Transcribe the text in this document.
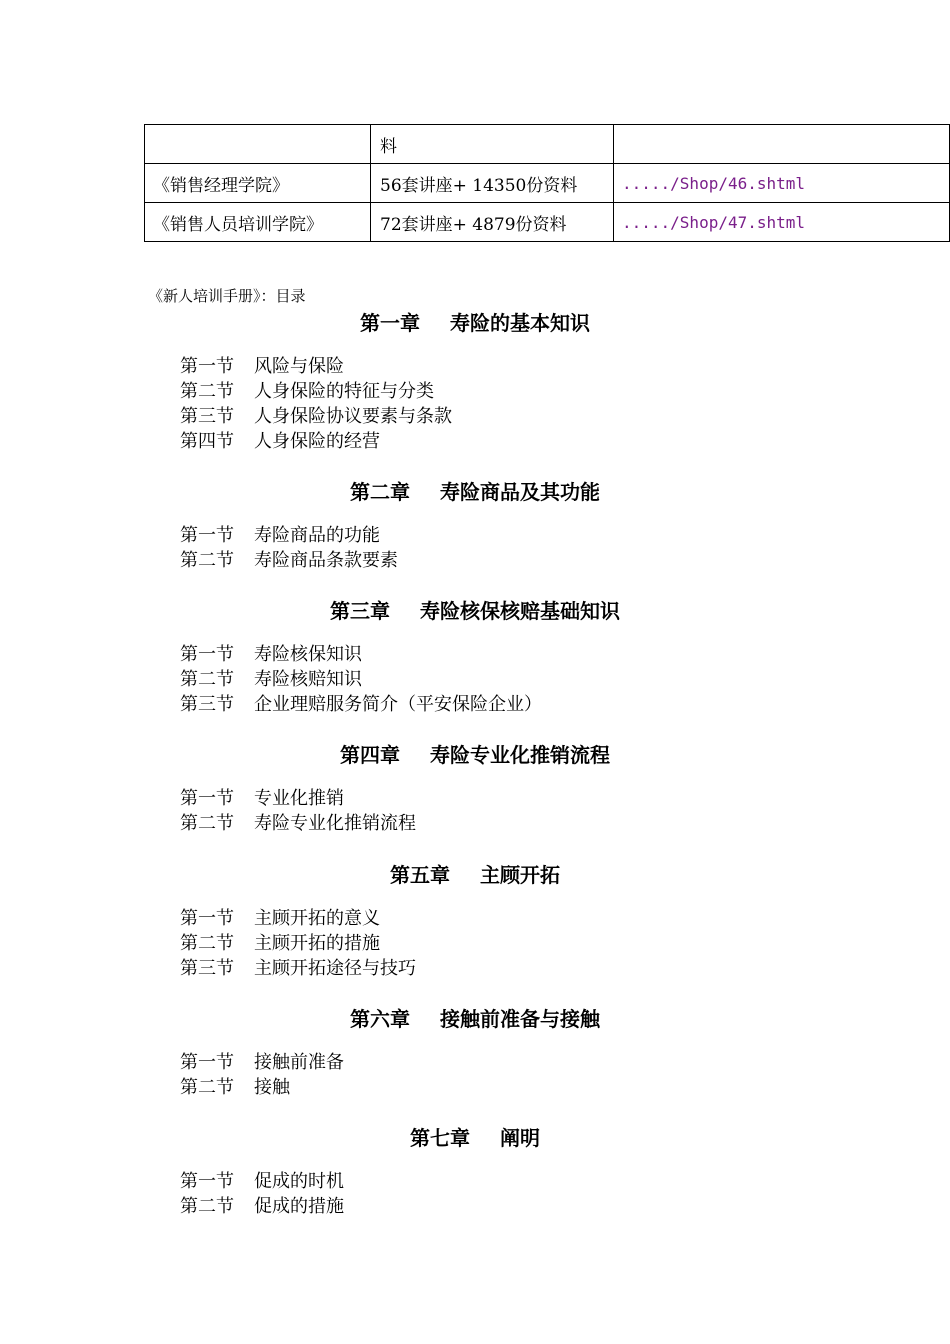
	料	
《销售经理学院》	56套讲座+ 14350份资料	...../Shop/46.shtml
《销售人员培训学院》	72套讲座+ 4879份资料	...../Shop/47.shtml
《新人培训手册》：目录
第一章 寿险的基本知识
第一节 风险与保险
第二节 人身保险的特征与分类
第三节 人身保险协议要素与条款
第四节 人身保险的经营
第二章 寿险商品及其功能
第一节 寿险商品的功能
第二节 寿险商品条款要素
第三章 寿险核保核赔基础知识
第一节 寿险核保知识
第二节 寿险核赔知识
第三节 企业理赔服务简介（平安保险企业）
第四章 寿险专业化推销流程
第一节 专业化推销
第二节 寿险专业化推销流程
第五章 主顾开拓
第一节 主顾开拓的意义
第二节 主顾开拓的措施
第三节 主顾开拓途径与技巧
第六章 接触前准备与接触
第一节 接触前准备
第二节 接触
第七章 阐明
第一节 促成的时机
第二节 促成的措施
